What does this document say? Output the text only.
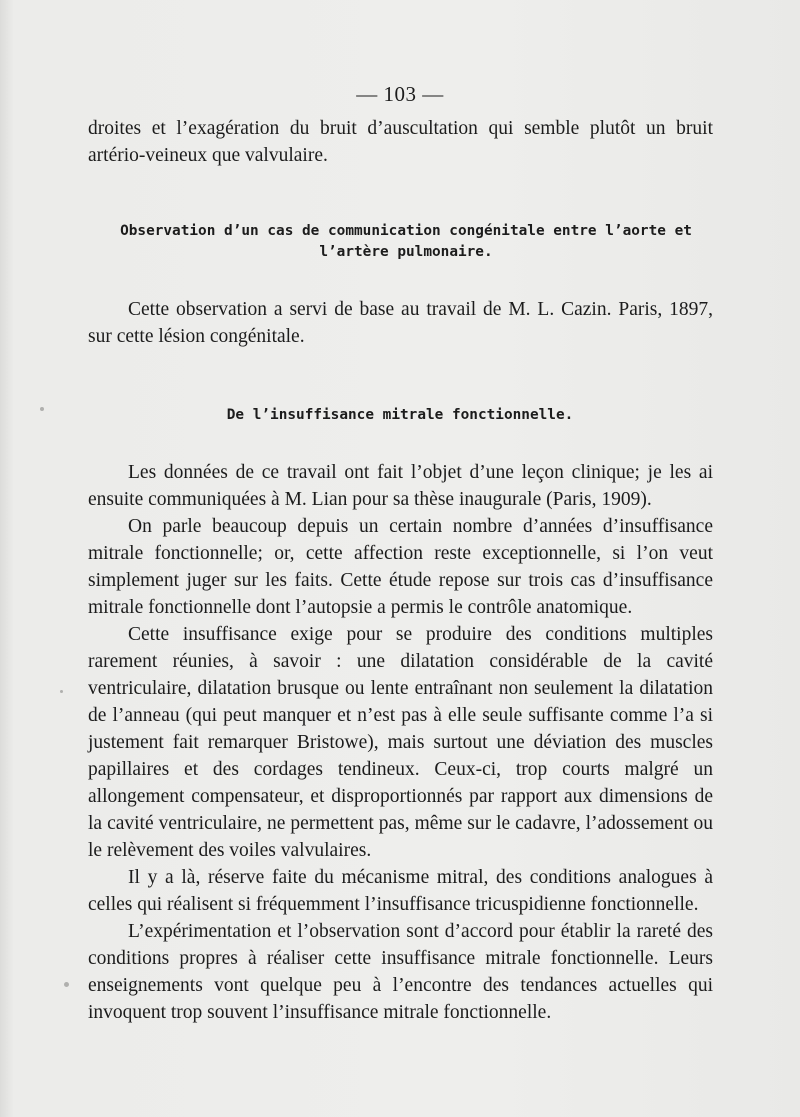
— 103 —

droites et l’exagération du bruit d’auscultation qui semble plutôt un bruit artério-veineux que valvulaire.

Observation d’un cas de communication congénitale entre l’aorte et l’artère pulmonaire.

Cette observation a servi de base au travail de M. L. Cazin. Paris, 1897, sur cette lésion congénitale.

De l’insuffisance mitrale fonctionnelle.

Les données de ce travail ont fait l’objet d’une leçon clinique; je les ai ensuite communiquées à M. Lian pour sa thèse inaugurale (Paris, 1909).

On parle beaucoup depuis un certain nombre d’années d’insuffisance mitrale fonctionnelle; or, cette affection reste exceptionnelle, si l’on veut simplement juger sur les faits. Cette étude repose sur trois cas d’insuffisance mitrale fonctionnelle dont l’autopsie a permis le contrôle anatomique.

Cette insuffisance exige pour se produire des conditions multiples rarement réunies, à savoir : une dilatation considérable de la cavité ventriculaire, dilatation brusque ou lente entraînant non seulement la dilatation de l’anneau (qui peut manquer et n’est pas à elle seule suffisante comme l’a si justement fait remarquer Bristowe), mais surtout une déviation des muscles papillaires et des cordages tendineux. Ceux-ci, trop courts malgré un allongement compensateur, et disproportionnés par rapport aux dimensions de la cavité ventriculaire, ne permettent pas, même sur le cadavre, l’adossement ou le relèvement des voiles valvulaires.

Il y a là, réserve faite du mécanisme mitral, des conditions analogues à celles qui réalisent si fréquemment l’insuffisance tricuspidienne fonctionnelle.

L’expérimentation et l’observation sont d’accord pour établir la rareté des conditions propres à réaliser cette insuffisance mitrale fonctionnelle. Leurs enseignements vont quelque peu à l’encontre des tendances actuelles qui invoquent trop souvent l’insuffisance mitrale fonctionnelle.
